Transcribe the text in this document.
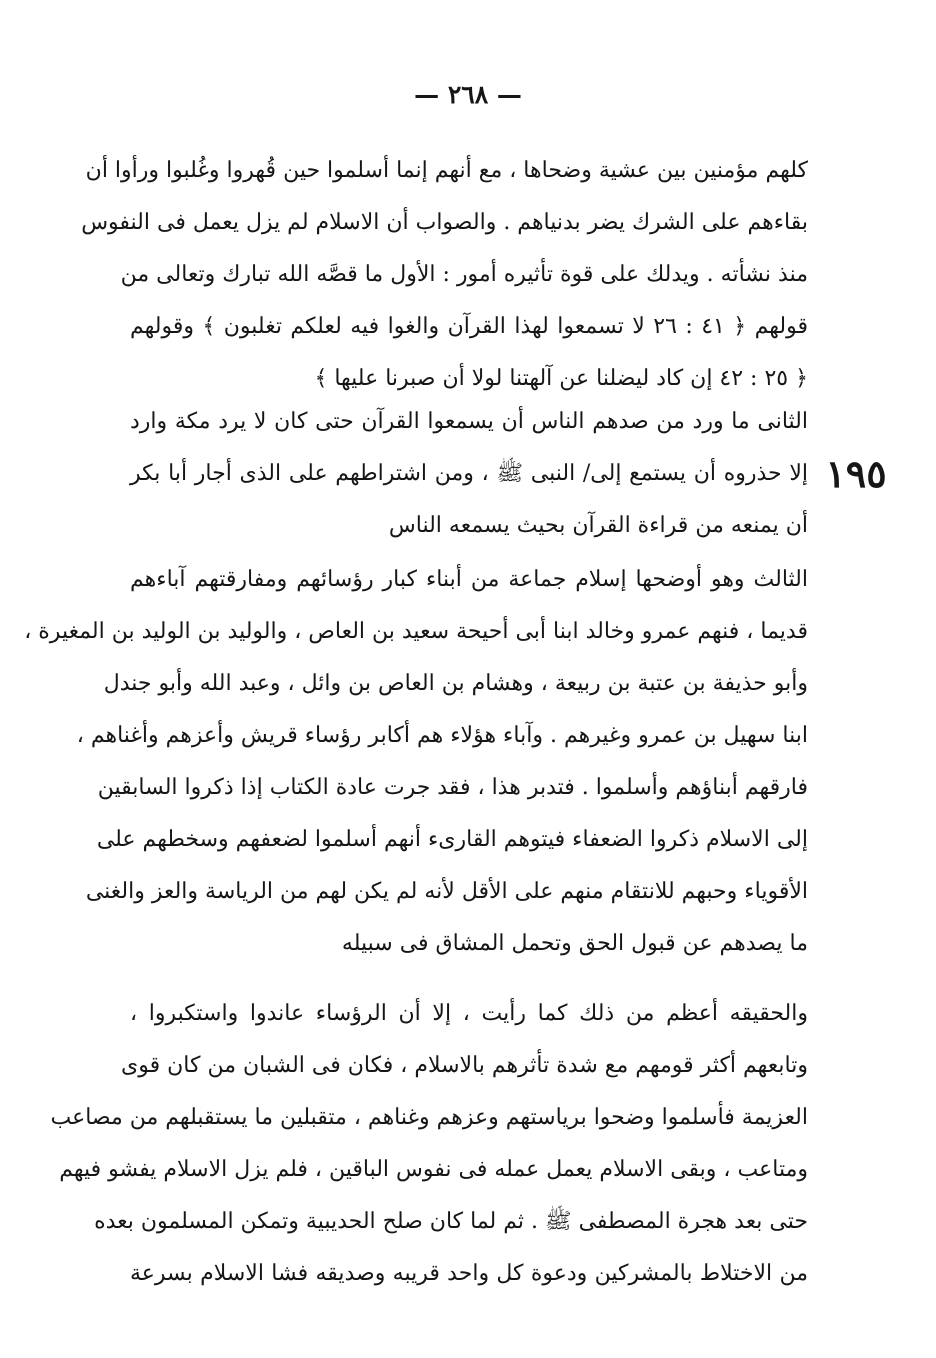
— ٢٦٨ —
١٩٥
كلهم مؤمنين بين عشية وضحاها ، مع أنهم إنما أسلموا حين قُهروا وغُلبوا ورأوا أن
بقاءهم على الشرك يضر بدنياهم . والصواب أن الاسلام لم يزل يعمل فى النفوس
منذ نشأته . ويدلك على قوة تأثيره أمور : الأول ما قصَّه الله تبارك وتعالى من
قولهم ﴿ ٤١ : ٢٦ لا تسمعوا لهذا القرآن والغوا فيه لعلكم تغلبون ﴾ وقولهم
﴿ ٢٥ : ٤٢ إن كاد ليضلنا عن آلهتنا لولا أن صبرنا عليها ﴾
الثانى ما ورد من صدهم الناس أن يسمعوا القرآن حتى كان لا يرد مكة وارد
إلا حذروه أن يستمع إلى/ النبى ﷺ ، ومن اشتراطهم على الذى أجار أبا بكر
أن يمنعه من قراءة القرآن بحيث يسمعه الناس
الثالث وهو أوضحها إسلام جماعة من أبناء كبار رؤسائهم ومفارقتهم آباءهم
قديما ، فنهم عمرو وخالد ابنا أبى أحيحة سعيد بن العاص ، والوليد بن الوليد بن المغيرة ،
وأبو حذيفة بن عتبة بن ربيعة ، وهشام بن العاص بن وائل ، وعبد الله وأبو جندل
ابنا سهيل بن عمرو وغيرهم . وآباء هؤلاء هم أكابر رؤساء قريش وأعزهم وأغناهم ،
فارقهم أبناؤهم وأسلموا . فتدبر هذا ، فقد جرت عادة الكتاب إذا ذكروا السابقين
إلى الاسلام ذكروا الضعفاء فيتوهم القارىء أنهم أسلموا لضعفهم وسخطهم على
الأقوياء وحبهم للانتقام منهم على الأقل لأنه لم يكن لهم من الرياسة والعز والغنى
ما يصدهم عن قبول الحق وتحمل المشاق فى سبيله
والحقيقه أعظم من ذلك كما رأيت ، إلا أن الرؤساء عاندوا واستكبروا ،
وتابعهم أكثر قومهم مع شدة تأثرهم بالاسلام ، فكان فى الشبان من كان قوى
العزيمة فأسلموا وضحوا برياستهم وعزهم وغناهم ، متقبلين ما يستقبلهم من مصاعب
ومتاعب ، وبقى الاسلام يعمل عمله فى نفوس الباقين ، فلم يزل الاسلام يفشو فيهم
حتى بعد هجرة المصطفى ﷺ . ثم لما كان صلح الحديبية وتمكن المسلمون بعده
من الاختلاط بالمشركين ودعوة كل واحد قريبه وصديقه فشا الاسلام بسرعة
